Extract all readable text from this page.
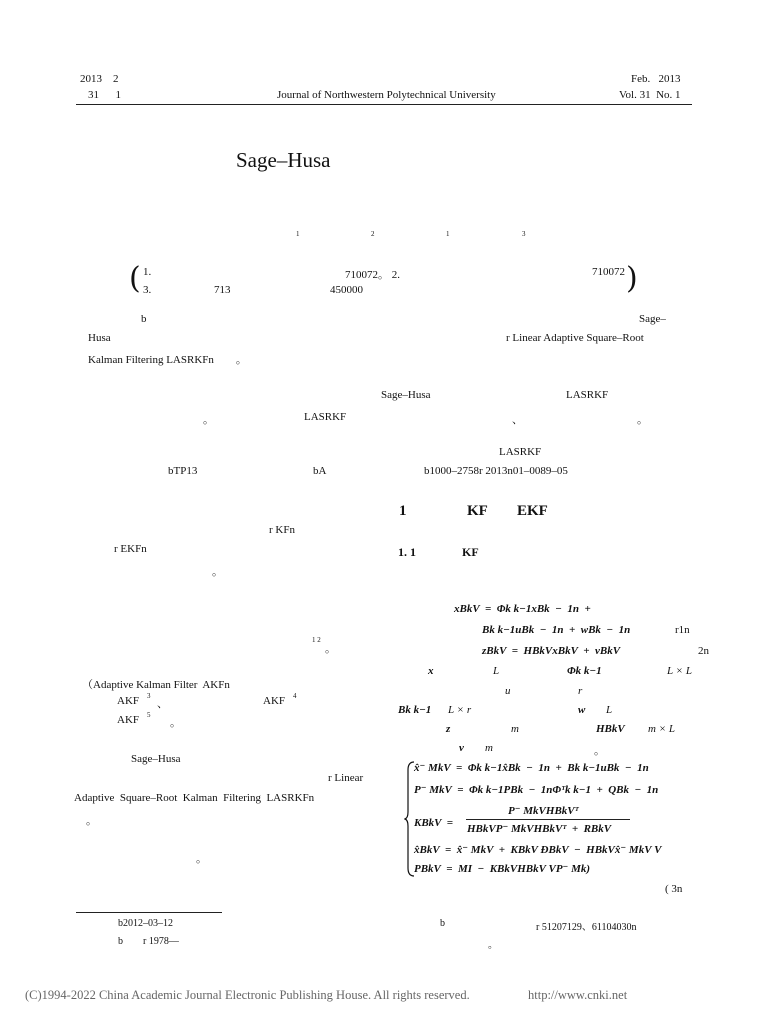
2013    2
31      1	Journal of Northwestern Polytechnical University
Feb.   2013
Vol. 31  No. 1
Sage–Husa
1	2	1	3
( 1.	710072。 2.	710072 )
3.	713	450000
b	Sage–
Husa	r Linear Adaptive Square–Root
Kalman Filtering LASRKFn        。
Sage–Husa	LASRKF
。	LASRKF	、	。
LASRKF
bTP13	bA	b1000–2758r 2013n01–0089–05
r KFn
r EKFn
。
1 2
。
（Adaptive Kalman Filter  AKFn
AKF 3
、	AKF 4
AKF 5
。
Sage–Husa
r Linear
Adaptive  Square–Root  Kalman  Filtering  LASRKFn
。
。
b2012–03–12
b        r 1978—
b	r 51207129、61104030n
。
1	KF EKF
1. 1	KF
xBkV  =  Φk k−1xBk  −  1n  +
Bk k−1uBk  −  1n  +  wBk  −  1n	r1n
zBkV  =  HBkVxBkV  +  vBkV		2n
x	L	Φk k−1	L × L
u	r
Bk k−1 L × r	w L
z	m	HBkV m × L
v m	。
x̂⁻ MkV  =  Φk k−1x̂Bk  −  1n  +  Bk k−1uBk  −  1n
P⁻ MkV  =  Φk k−1PBk  −  1nΦᵀk k−1  +  QBk  −  1n
KBkV  =
P⁻ MkVHBkVᵀ
HBkVP⁻ MkVHBkVᵀ  +  RBkV
x̂BkV  =  x̂⁻ MkV  +  KBkV ÐBkV  −  HBkVx̂⁻ MkV V
PBkV  =  MI  −  KBkVHBkV VP⁻ Mk)
( 3n
(C)1994-2022 China Academic Journal Electronic Publishing House. All rights reserved.	http://www.cnki.net
